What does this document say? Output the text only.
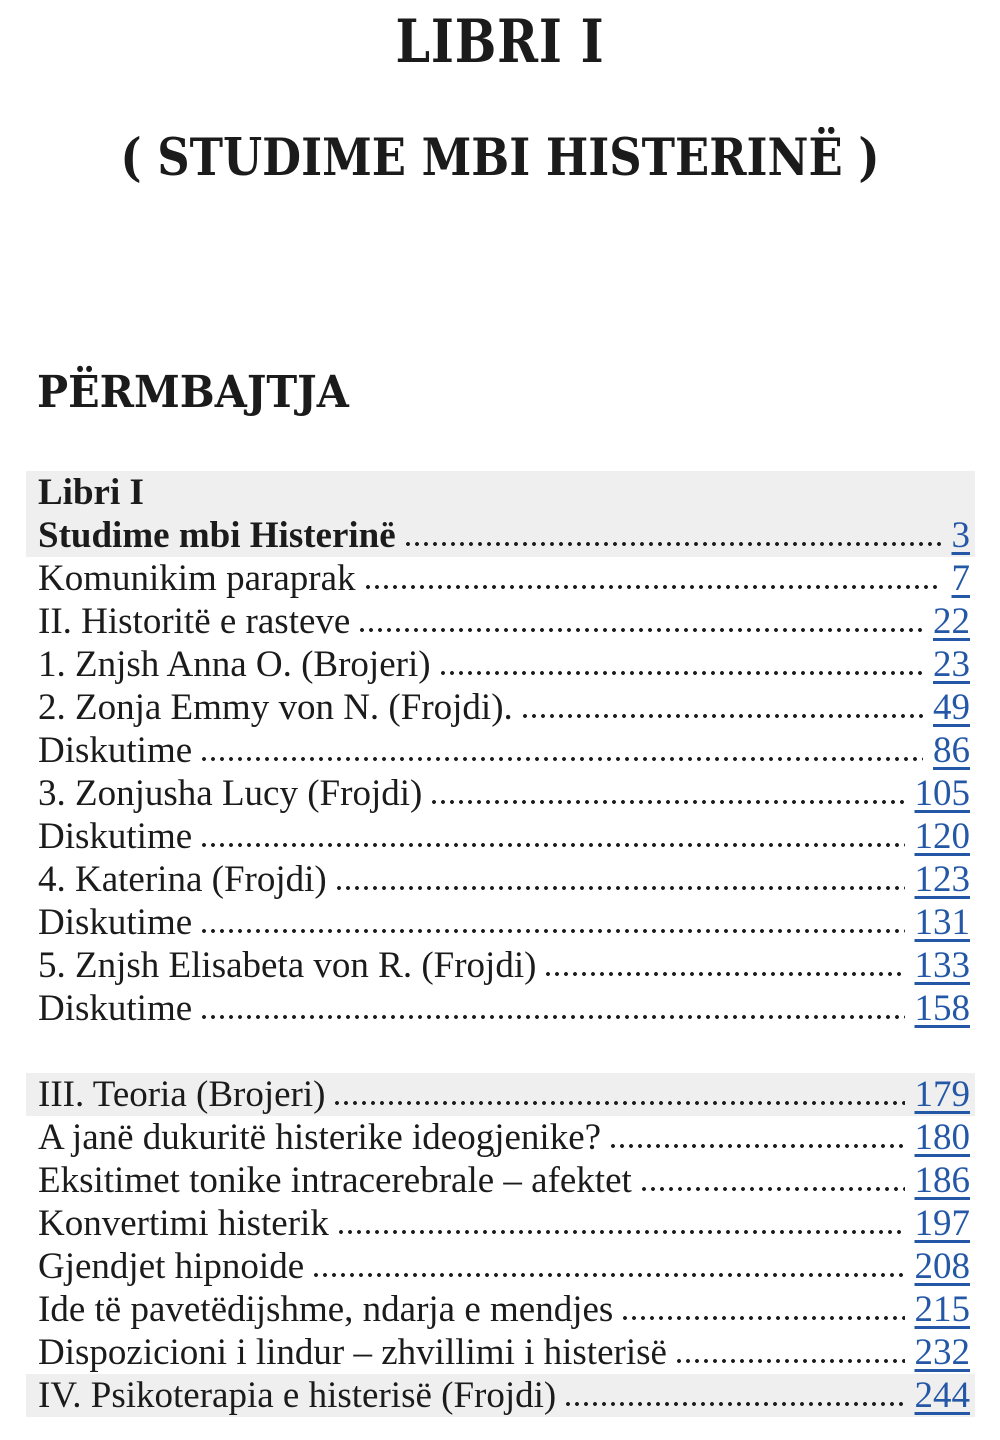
LIBRI I
( STUDIME MBI HISTERINË )
PËRMBAJTJA
Libri I
Studime mbi Histerinë	3
Komunikim paraprak	7
II. Historitë e rasteve	22
1. Znjsh Anna O. (Brojeri)	23
2. Zonja Emmy von N. (Frojdi).	49
Diskutime	86
3. Zonjusha Lucy (Frojdi)	105
Diskutime	120
4. Katerina (Frojdi)	123
Diskutime	131
5. Znjsh Elisabeta von R. (Frojdi)	133
Diskutime	158
III. Teoria (Brojeri)	179
A janë dukuritë histerike ideogjenike?	180
Eksitimet tonike intracerebrale – afektet	186
Konvertimi histerik	197
Gjendjet hipnoide	208
Ide të pavetëdijshme, ndarja e mendjes	215
Dispozicioni i lindur – zhvillimi i histerisë	232
IV. Psikoterapia e histerisë (Frojdi)	244
